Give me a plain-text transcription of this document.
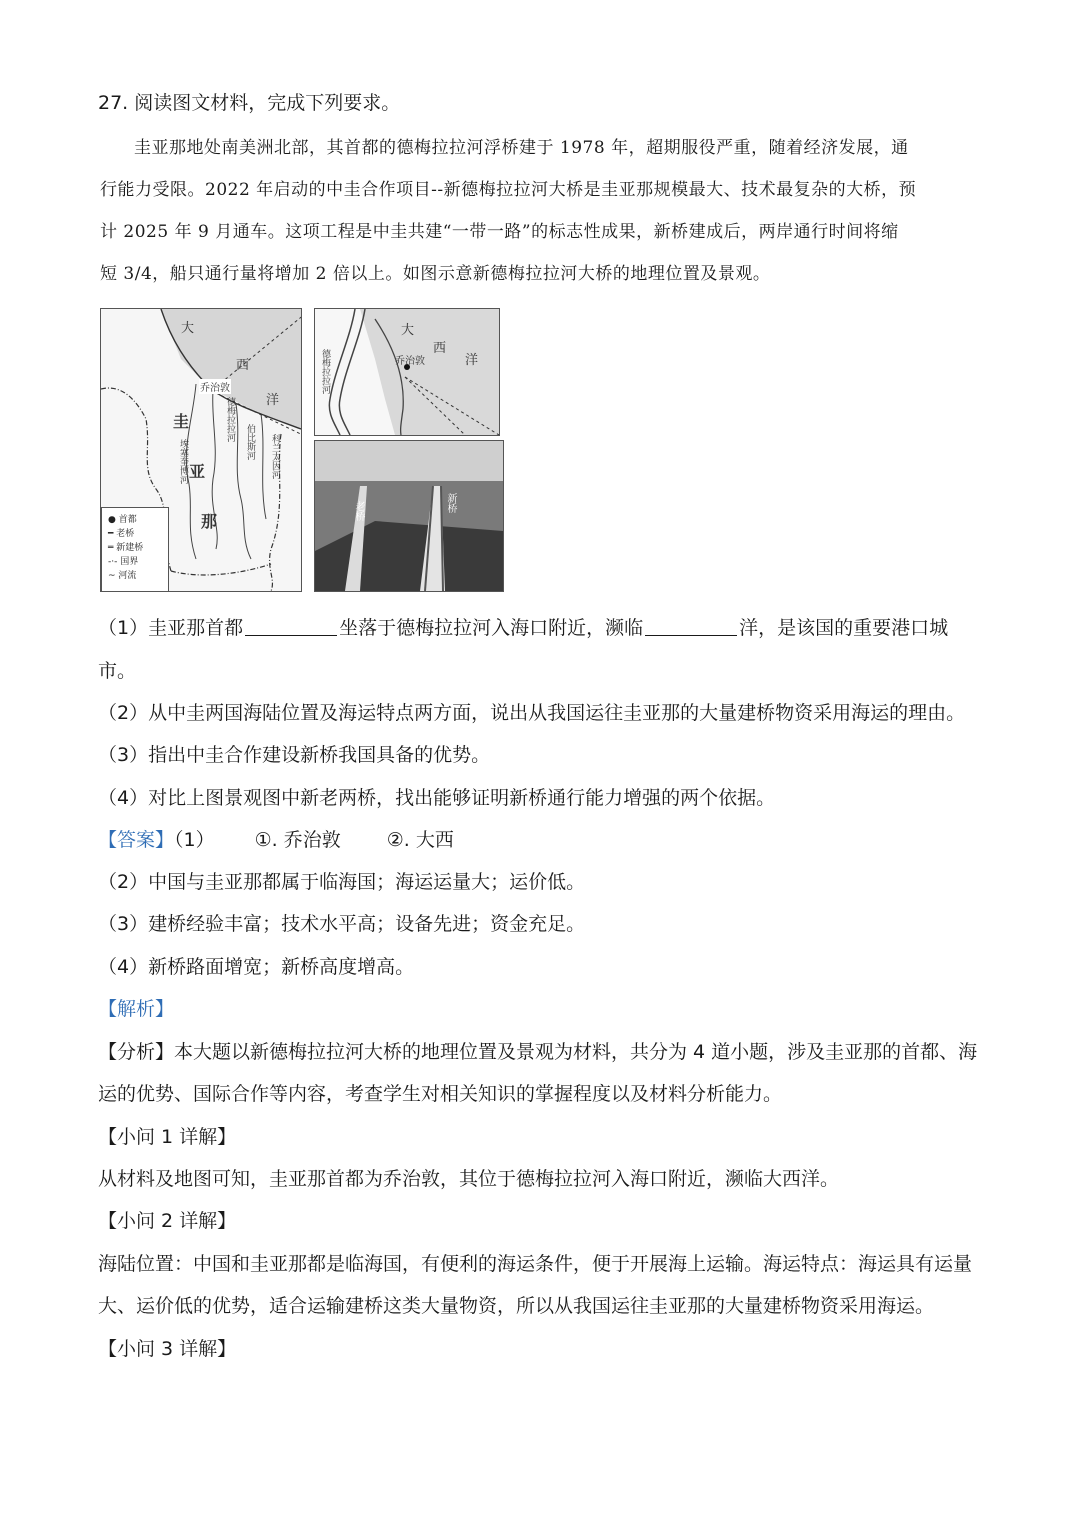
27. 阅读图文材料，完成下列要求。
圭亚那地处南美洲北部，其首都的德梅拉拉河浮桥建于 1978 年，超期服役严重，随着经济发展，通
行能力受限。2022 年启动的中圭合作项目--新德梅拉拉河大桥是圭亚那规模最大、技术最复杂的大桥，预
计 2025 年 9 月通车。这项工程是中圭共建“一带一路”的标志性成果，新桥建成后，两岸通行时间将缩
短 3/4，船只通行量将增加 2 倍以上。如图示意新德梅拉拉河大桥的地理位置及景观。
大
西
洋
乔治敦
圭
亚
那
德梅拉拉河
埃塞奎博河	伯比斯河 科兰太因河
● 首都
━ 老桥
═ 新建桥
-·- 国界
~ 河流
大
西
洋
乔治敦
德梅拉拉河
老桥	新桥
（1）圭亚那首都	坐落于德梅拉拉河入海口附近，濒临	洋，是该国的重要港口城
市。
（2）从中圭两国海陆位置及海运特点两方面，说出从我国运往圭亚那的大量建桥物资采用海运的理由。
（3）指出中圭合作建设新桥我国具备的优势。
（4）对比上图景观图中新老两桥，找出能够证明新桥通行能力增强的两个依据。
【答案】（1） ①. 乔治敦 ②. 大西
（2）中国与圭亚那都属于临海国；海运运量大；运价低。
（3）建桥经验丰富；技术水平高；设备先进；资金充足。
（4）新桥路面增宽；新桥高度增高。
【解析】
【分析】本大题以新德梅拉拉河大桥的地理位置及景观为材料，共分为 4 道小题，涉及圭亚那的首都、海
运的优势、国际合作等内容，考查学生对相关知识的掌握程度以及材料分析能力。
【小问 1 详解】
从材料及地图可知，圭亚那首都为乔治敦，其位于德梅拉拉河入海口附近，濒临大西洋。
【小问 2 详解】
海陆位置：中国和圭亚那都是临海国，有便利的海运条件，便于开展海上运输。海运特点：海运具有运量
大、运价低的优势，适合运输建桥这类大量物资，所以从我国运往圭亚那的大量建桥物资采用海运。
【小问 3 详解】
